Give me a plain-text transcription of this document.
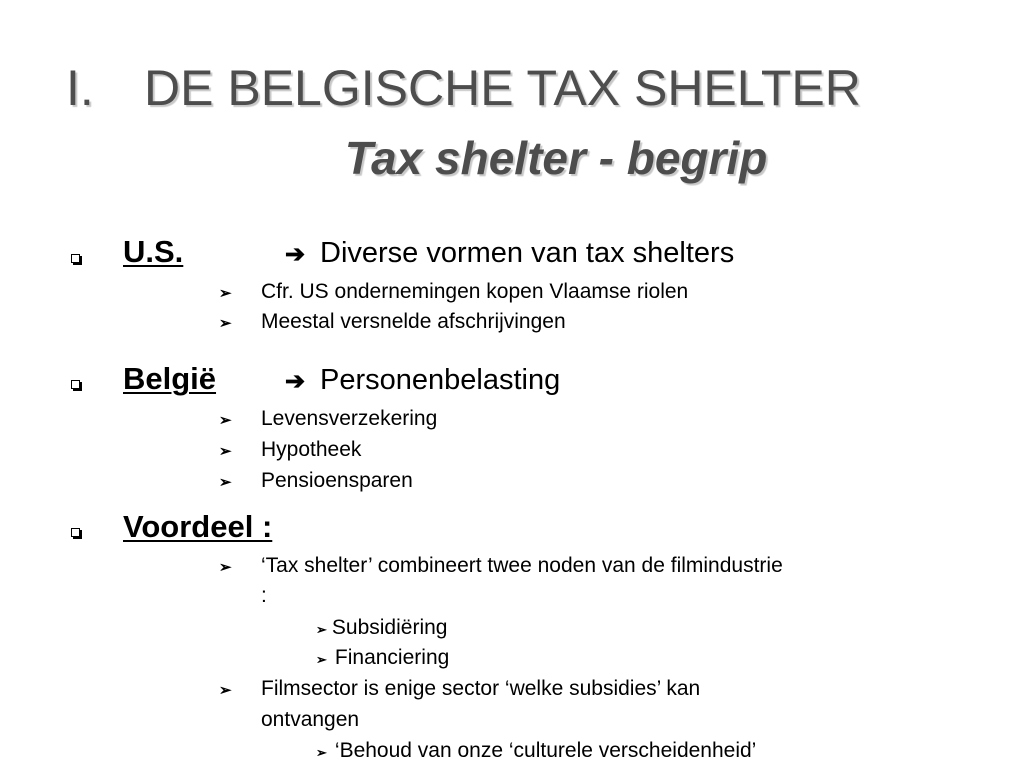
I. DE BELGISCHE TAX SHELTER
Tax shelter - begrip
U.S.	➔ Diverse vormen van tax shelters
➢ Cfr. US ondernemingen kopen Vlaamse riolen
➢ Meestal versnelde afschrijvingen
België	➔ Personenbelasting
➢ Levensverzekering
➢ Hypotheek
➢ Pensioensparen
Voordeel :
➢ ‘Tax shelter’ combineert twee noden van de filmindustrie
:
➢ Subsidiëring
➢ Financiering
➢ Filmsector is enige sector ‘welke subsidies’ kan
ontvangen
➢ ‘Behoud van onze ‘culturele verscheidenheid’
